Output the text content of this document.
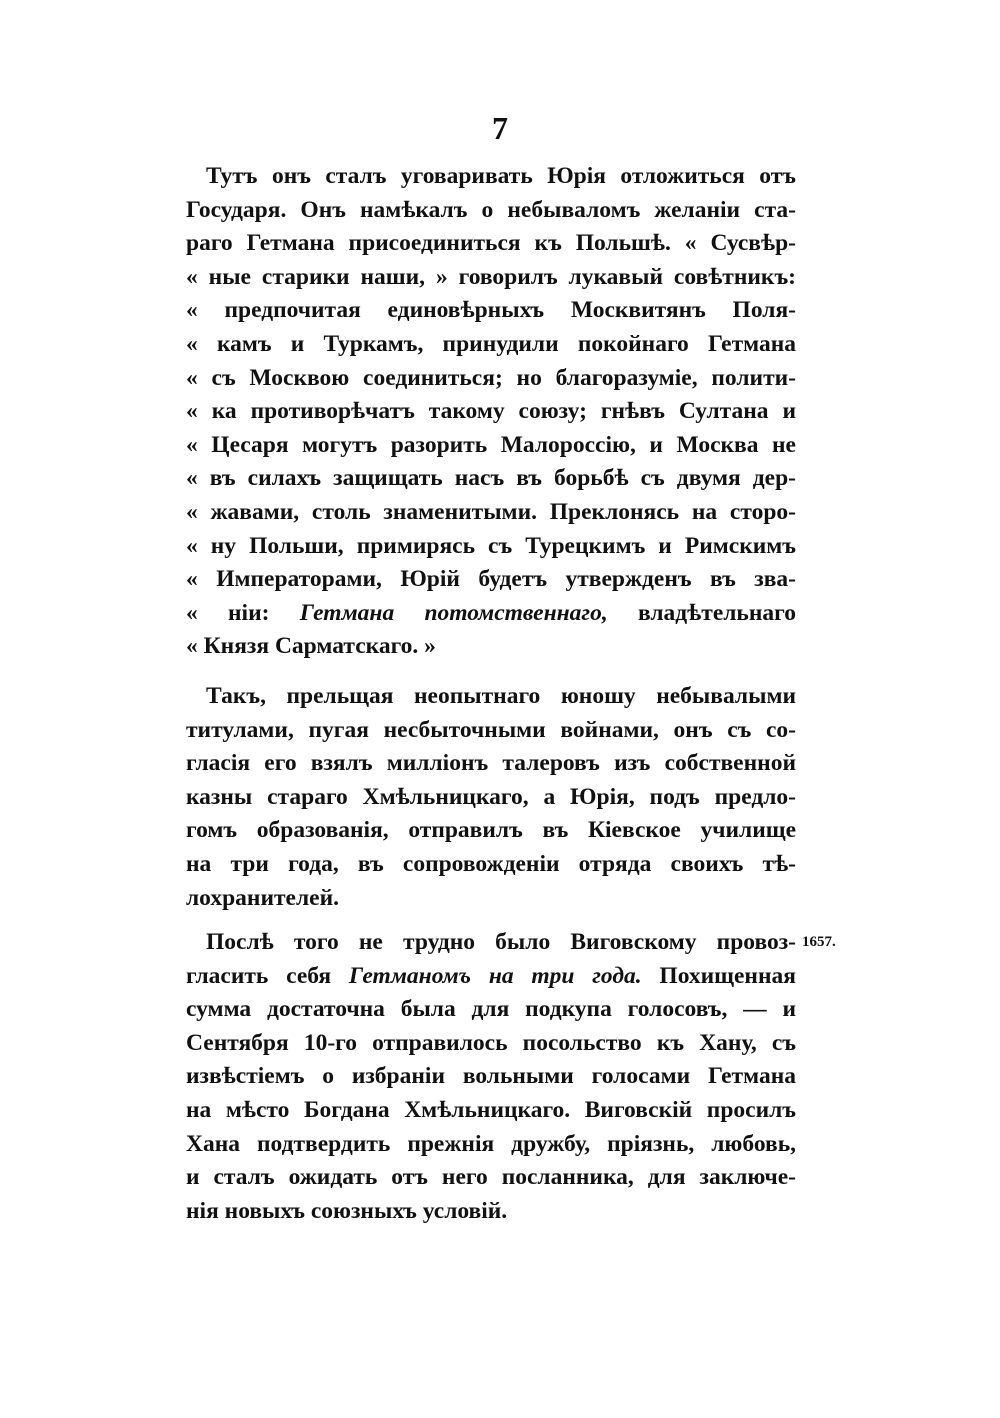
7
Тутъ онъ сталъ уговаривать Юрія отложиться отъ
Государя. Онъ намѣкалъ о небываломъ желаніи ста-
раго Гетмана присоединиться къ Польшѣ. « Сусвѣр-
« ные старики наши, » говорилъ лукавый совѣтникъ:
« предпочитая единовѣрныхъ Москвитянъ Поля-
« камъ и Туркамъ, принудили покойнаго Гетмана
« съ Москвою соединиться; но благоразуміе, полити-
« ка противорѣчатъ такому союзу; гнѣвъ Султана и
« Цесаря могутъ разорить Малороссію, и Москва не
« въ силахъ защищать насъ въ борьбѣ съ двумя дер-
« жавами, столь знаменитыми. Преклонясь на сторо-
« ну Польши, примирясь съ Турецкимъ и Римскимъ
« Императорами, Юрій будетъ утвержденъ въ зва-
« ніи: Гетмана потомственнаго, владѣтельнаго
« Князя Сарматскаго. »
Такъ, прельщая неопытнаго юношу небывалыми
титулами, пугая несбыточными войнами, онъ съ со-
гласія его взялъ милліонъ талеровъ изъ собственной
казны стараго Хмѣльницкаго, а Юрія, подъ предло-
гомъ образованія, отправилъ въ Кіевское училище
на три года, въ сопровожденіи отряда своихъ тѣ-
лохранителей.
Послѣ того не трудно было Виговскому провоз-
гласить себя Гетманомъ на три года. Похищенная
сумма достаточна была для подкупа голосовъ, — и
Сентября 10-го отправилось посольство къ Хану, съ
извѣстіемъ о избраніи вольными голосами Гетмана
на мѣсто Богдана Хмѣльницкаго. Виговскій просилъ
Хана подтвердить прежнія дружбу, пріязнь, любовь,
и сталъ ожидать отъ него посланника, для заключе-
нія новыхъ союзныхъ условій.
1657.
